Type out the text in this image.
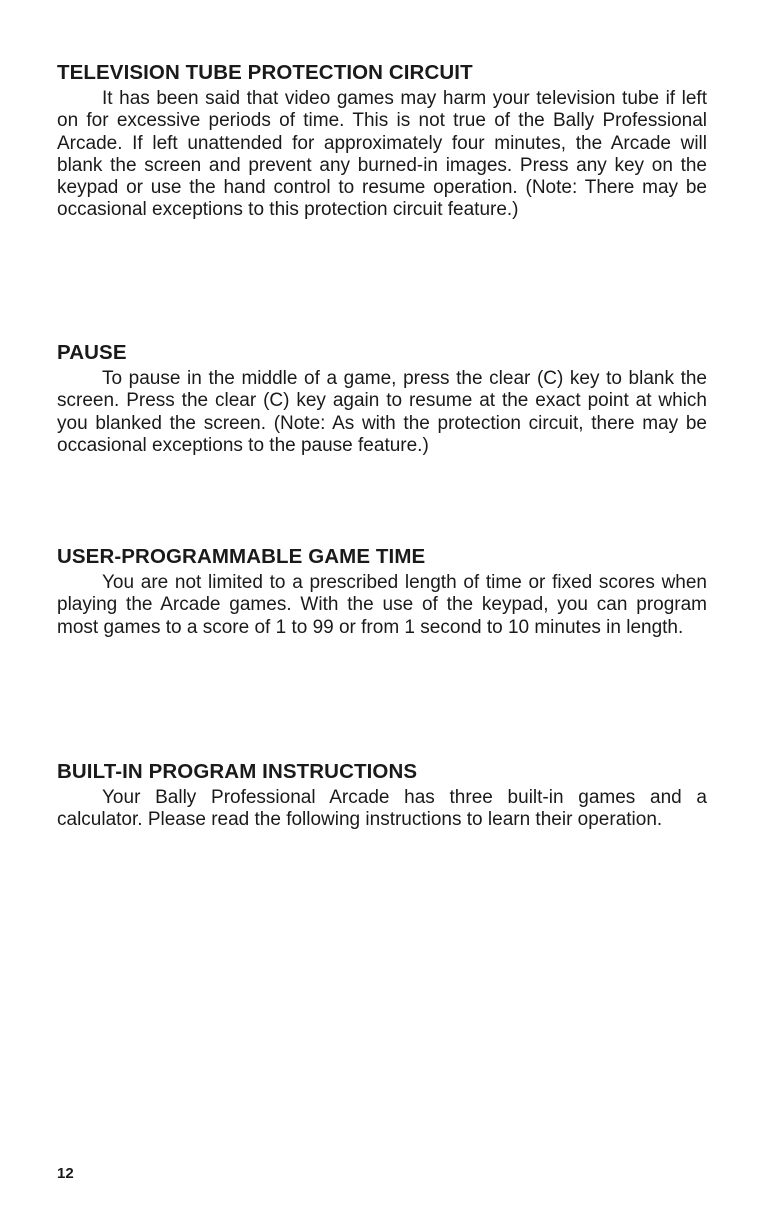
TELEVISION TUBE PROTECTION CIRCUIT

It has been said that video games may harm your television tube if left on for excessive periods of time. This is not true of the Bally Professional Arcade. If left unattended for approximately four minutes, the Arcade will blank the screen and prevent any burned-in images. Press any key on the keypad or use the hand control to resume operation. (Note: There may be occasional exceptions to this protection circuit feature.)

PAUSE

To pause in the middle of a game, press the clear (C) key to blank the screen. Press the clear (C) key again to resume at the exact point at which you blanked the screen. (Note: As with the protection circuit, there may be occasional exceptions to the pause feature.)

USER-PROGRAMMABLE GAME TIME

You are not limited to a prescribed length of time or fixed scores when playing the Arcade games. With the use of the keypad, you can program most games to a score of 1 to 99 or from 1 second to 10 minutes in length.

BUILT-IN PROGRAM INSTRUCTIONS

Your Bally Professional Arcade has three built-in games and a calculator. Please read the following instructions to learn their operation.

12
